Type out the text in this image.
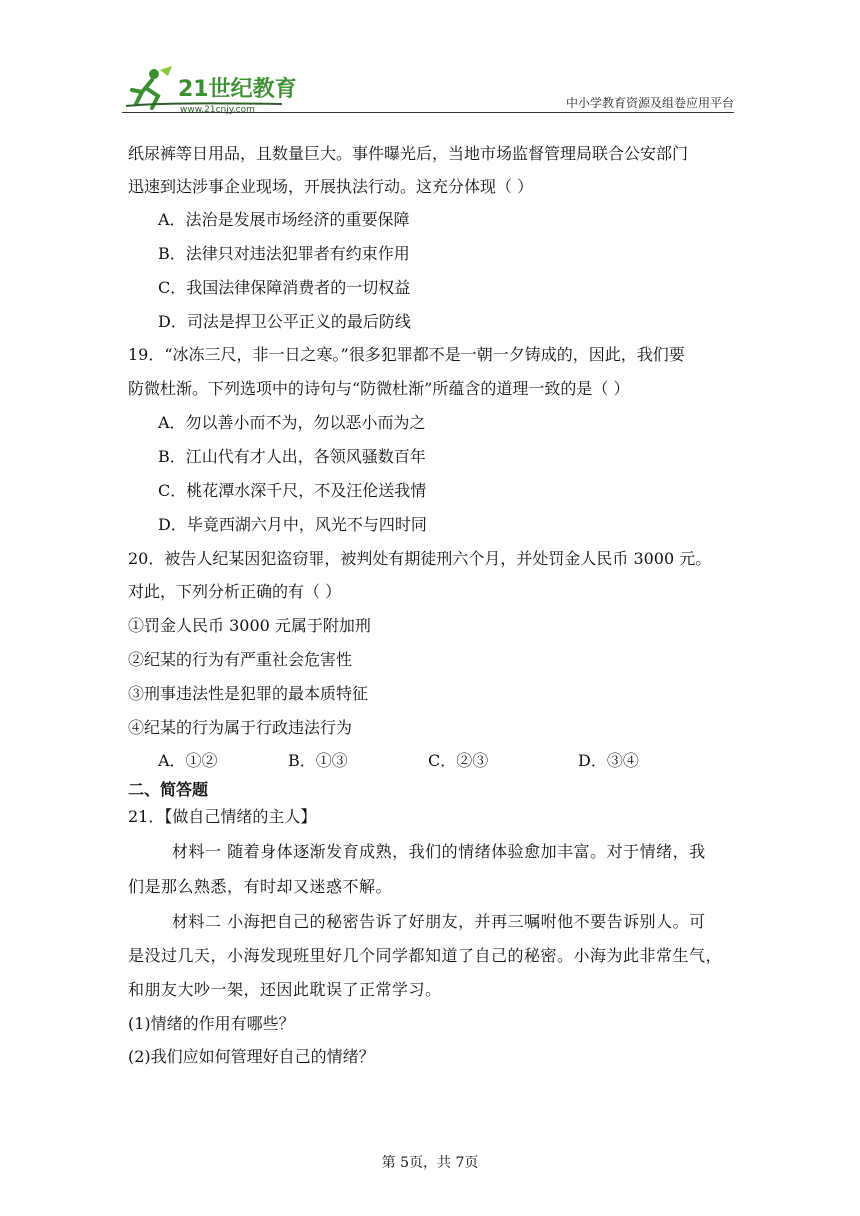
21世纪教育
www.21cnjy.com	中小学教育资源及组卷应用平台
纸尿裤等日用品，且数量巨大。事件曝光后，当地市场监督管理局联合公安部门
迅速到达涉事企业现场，开展执法行动。这充分体现（ ）
A．法治是发展市场经济的重要保障
B．法律只对违法犯罪者有约束作用
C．我国法律保障消费者的一切权益
D．司法是捍卫公平正义的最后防线
19．“冰冻三尺，非一日之寒。”很多犯罪都不是一朝一夕铸成的，因此，我们要
防微杜渐。下列选项中的诗句与“防微杜渐”所蕴含的道理一致的是（ ）
A．勿以善小而不为，勿以恶小而为之
B．江山代有才人出，各领风骚数百年
C．桃花潭水深千尺，不及汪伦送我情
D．毕竟西湖六月中，风光不与四时同
20．被告人纪某因犯盗窃罪，被判处有期徒刑六个月，并处罚金人民币 3000 元。
对此，下列分析正确的有（ ）
①罚金人民币 3000 元属于附加刑
②纪某的行为有严重社会危害性
③刑事违法性是犯罪的最本质特征
④纪某的行为属于行政违法行为
A．①②	B．①③	C．②③	D．③④
二、简答题
21．【做自己情绪的主人】
材料一 随着身体逐渐发育成熟，我们的情绪体验愈加丰富。对于情绪，我
们是那么熟悉，有时却又迷惑不解。
材料二 小海把自己的秘密告诉了好朋友，并再三嘱咐他不要告诉别人。可
是没过几天，小海发现班里好几个同学都知道了自己的秘密。小海为此非常生气，
和朋友大吵一架，还因此耽误了正常学习。
(1)情绪的作用有哪些？
(2)我们应如何管理好自己的情绪？
第 5页，共 7页
